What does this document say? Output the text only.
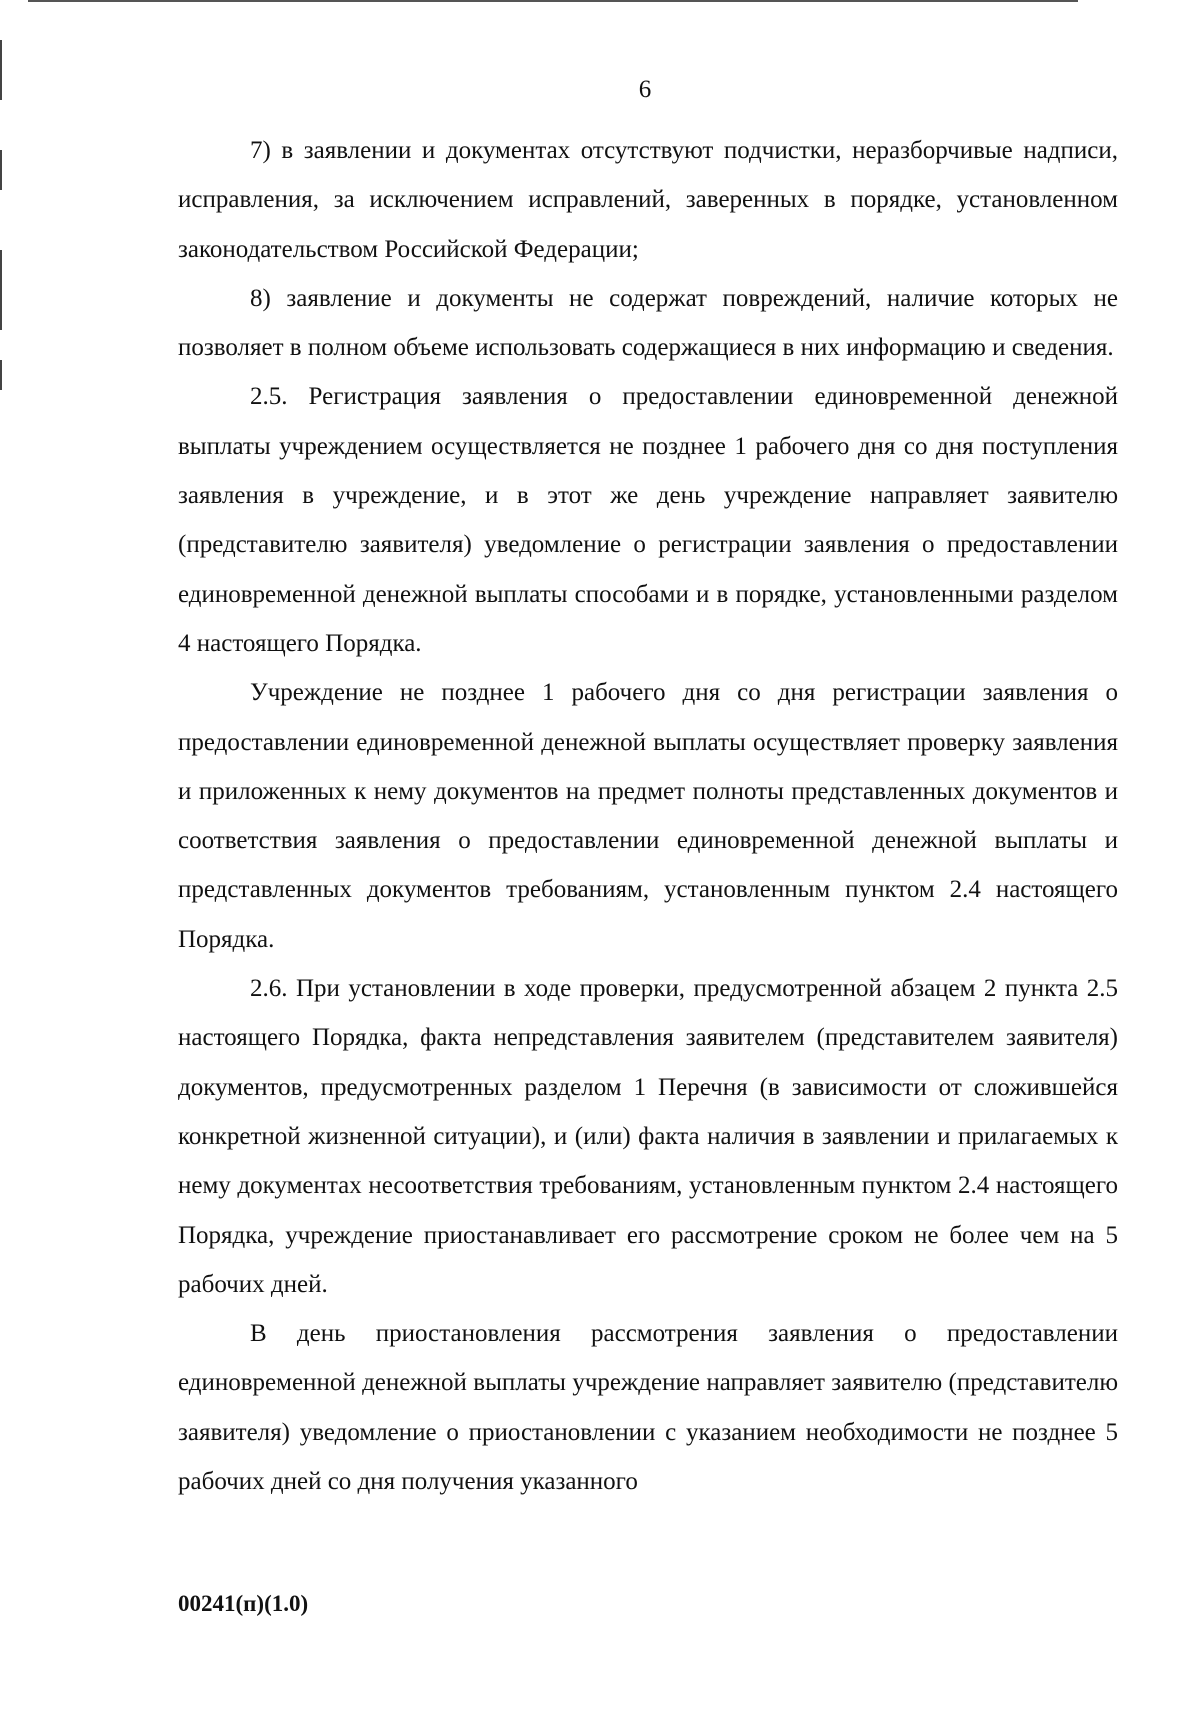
6

7) в заявлении и документах отсутствуют подчистки, неразборчивые надписи, исправления, за исключением исправлений, заверенных в порядке, установленном законодательством Российской Федерации;

8) заявление и документы не содержат повреждений, наличие которых не позволяет в полном объеме использовать содержащиеся в них информацию и сведения.

2.5. Регистрация заявления о предоставлении единовременной денежной выплаты учреждением осуществляется не позднее 1 рабочего дня со дня поступления заявления в учреждение, и в этот же день учреждение направляет заявителю (представителю заявителя) уведомление о регистрации заявления о предоставлении единовременной денежной выплаты способами и в порядке, установленными разделом 4 настоящего Порядка.

Учреждение не позднее 1 рабочего дня со дня регистрации заявления о предоставлении единовременной денежной выплаты осуществляет проверку заявления и приложенных к нему документов на предмет полноты представленных документов и соответствия заявления о предоставлении единовременной денежной выплаты и представленных документов требованиям, установленным пунктом 2.4 настоящего Порядка.

2.6. При установлении в ходе проверки, предусмотренной абзацем 2 пункта 2.5 настоящего Порядка, факта непредставления заявителем (представителем заявителя) документов, предусмотренных разделом 1 Перечня (в зависимости от сложившейся конкретной жизненной ситуации), и (или) факта наличия в заявлении и прилагаемых к нему документах несоответствия требованиям, установленным пунктом 2.4 настоящего Порядка, учреждение приостанавливает его рассмотрение сроком не более чем на 5 рабочих дней.

В день приостановления рассмотрения заявления о предоставлении единовременной денежной выплаты учреждение направляет заявителю (представителю заявителя) уведомление о приостановлении с указанием необходимости не позднее 5 рабочих дней со дня получения указанного

00241(п)(1.0)
